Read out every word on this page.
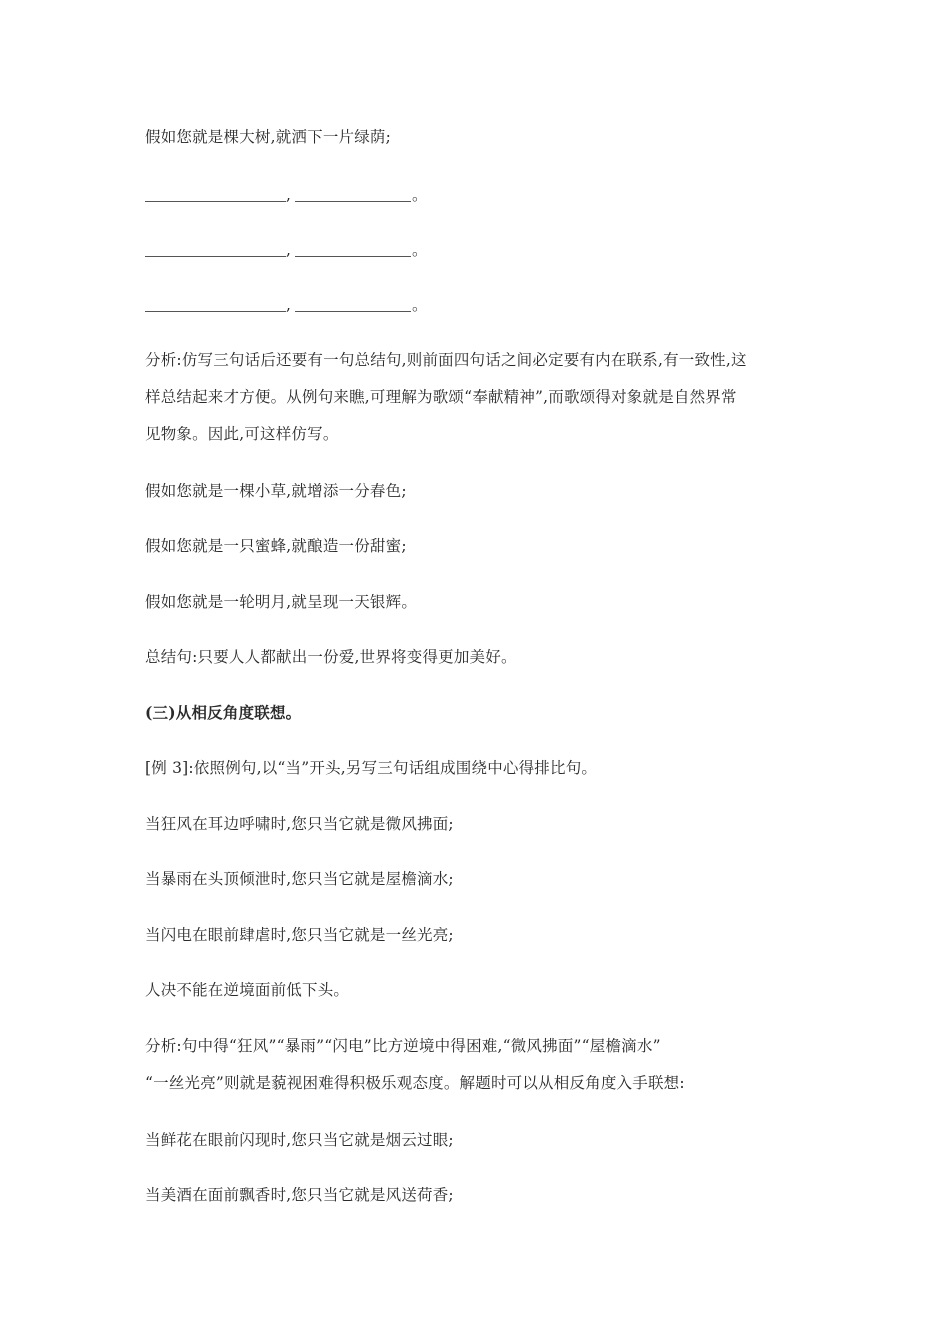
假如您就是棵大树,就洒下一片绿荫;
,	。
,	。
,	。
分析:仿写三句话后还要有一句总结句,则前面四句话之间必定要有内在联系,有一致性,这
样总结起来才方便。从例句来瞧,可理解为歌颂“奉献精神”,而歌颂得对象就是自然界常
见物象。因此,可这样仿写。
假如您就是一棵小草,就增添一分春色;
假如您就是一只蜜蜂,就酿造一份甜蜜;
假如您就是一轮明月,就呈现一天银辉。
总结句:只要人人都献出一份爱,世界将变得更加美好。
(三)从相反角度联想。
[例 3]:依照例句,以“当”开头,另写三句话组成围绕中心得排比句。
当狂风在耳边呼啸时,您只当它就是微风拂面;
当暴雨在头顶倾泄时,您只当它就是屋檐滴水;
当闪电在眼前肆虐时,您只当它就是一丝光亮;
人决不能在逆境面前低下头。
分析:句中得“狂风”“暴雨”“闪电”比方逆境中得困难,“微风拂面”“屋檐滴水”
“一丝光亮”则就是藐视困难得积极乐观态度。解题时可以从相反角度入手联想:
当鲜花在眼前闪现时,您只当它就是烟云过眼;
当美酒在面前飘香时,您只当它就是风送荷香;
